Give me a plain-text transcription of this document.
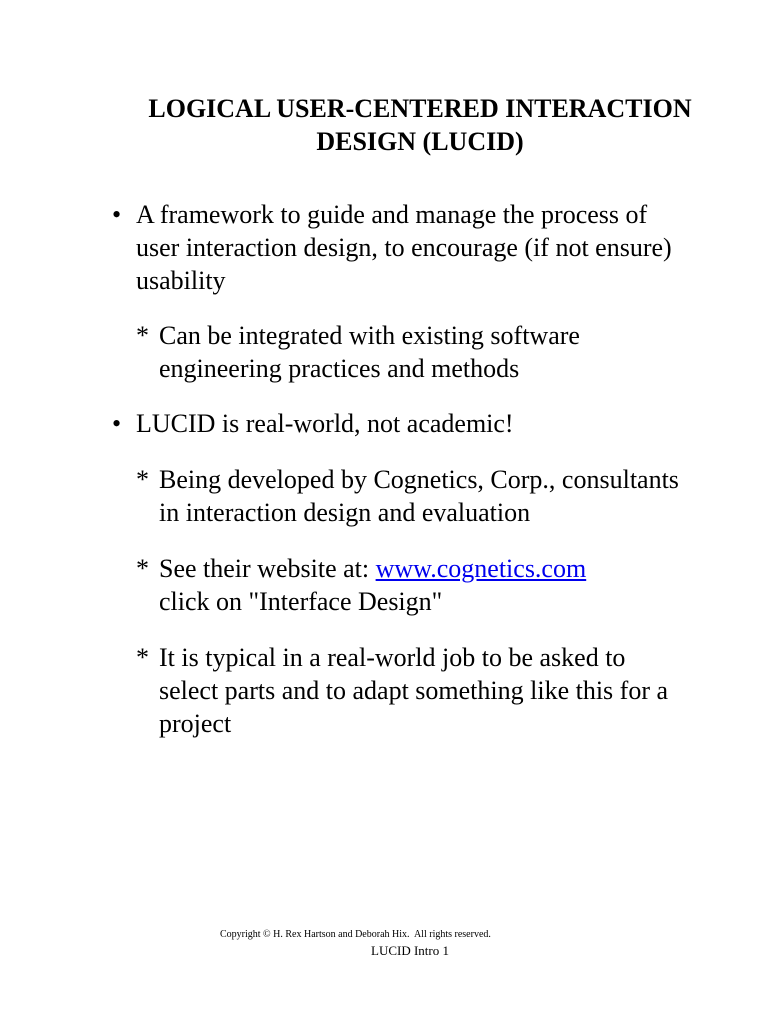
LOGICAL USER-CENTERED INTERACTION
DESIGN (LUCID)
• A framework to guide and manage the process of
user interaction design, to encourage (if not ensure)
usability
* Can be integrated with existing software
engineering practices and methods
• LUCID is real-world, not academic!
* Being developed by Cognetics, Corp., consultants
in interaction design and evaluation
* See their website at: www.cognetics.com
click on "Interface Design"
* It is typical in a real-world job to be asked to
select parts and to adapt something like this for a
project
Copyright © H. Rex Hartson and Deborah Hix.  All rights reserved.
LUCID Intro 1
